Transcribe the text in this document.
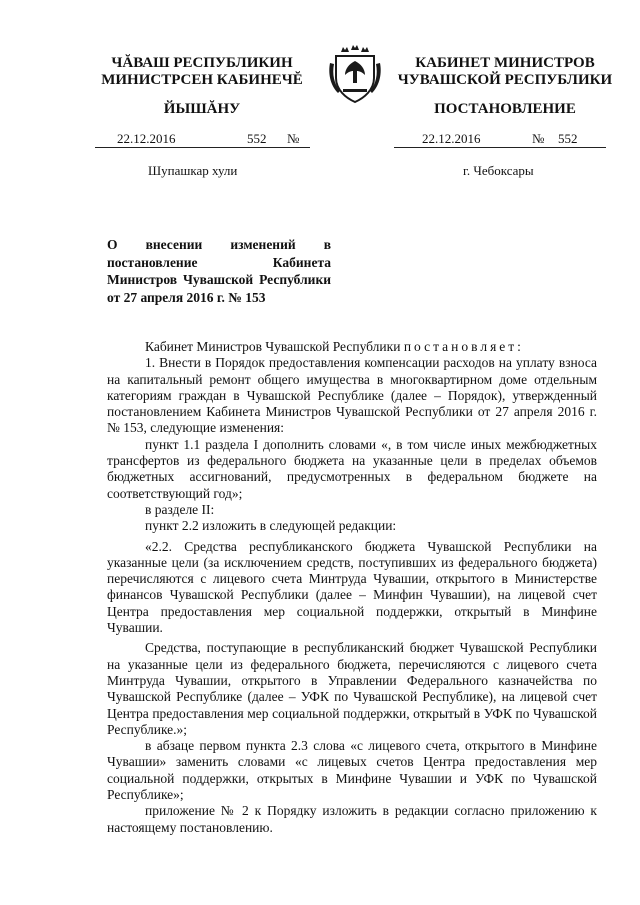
ЧĂВАШ РЕСПУБЛИКИН
МИНИСТРСЕН КАБИНЕЧĔ
ЙЫШĂНУ
КАБИНЕТ МИНИСТРОВ
ЧУВАШСКОЙ РЕСПУБЛИКИ
ПОСТАНОВЛЕНИЕ
22.12.2016	552 №	22.12.2016	№ 552
Шупашкар хули	г. Чебоксары
О внесении изменений в постановление Кабинета Министров Чувашской Республики от 27 апреля 2016 г. № 153

Кабинет Министров Чувашской Республики постановляет:

1. Внести в Порядок предоставления компенсации расходов на уплату взноса на капитальный ремонт общего имущества в многоквартирном доме отдельным категориям граждан в Чувашской Республике (далее – Порядок), утвержденный постановлением Кабинета Министров Чувашской Республики от 27 апреля 2016 г. № 153, следующие изменения:

пункт 1.1 раздела I дополнить словами «, в том числе иных межбюджетных трансфертов из федерального бюджета на указанные цели в пределах объемов бюджетных ассигнований, предусмотренных в федеральном бюджете на соответствующий год»;

в разделе II:

пункт 2.2 изложить в следующей редакции:

«2.2. Средства республиканского бюджета Чувашской Республики на указанные цели (за исключением средств, поступивших из федерального бюджета) перечисляются с лицевого счета Минтруда Чувашии, открытого в Министерстве финансов Чувашской Республики (далее – Минфин Чувашии), на лицевой счет Центра предоставления мер социальной поддержки, открытый в Минфине Чувашии.

Средства, поступающие в республиканский бюджет Чувашской Республики на указанные цели из федерального бюджета, перечисляются с лицевого счета Минтруда Чувашии, открытого в Управлении Федерального казначейства по Чувашской Республике (далее – УФК по Чувашской Республике), на лицевой счет Центра предоставления мер социальной поддержки, открытый в УФК по Чувашской Республике.»;

в абзаце первом пункта 2.3 слова «с лицевого счета, открытого в Минфине Чувашии» заменить словами «с лицевых счетов Центра предоставления мер социальной поддержки, открытых в Минфине Чувашии и УФК по Чувашской Республике»;

приложение № 2 к Порядку изложить в редакции согласно приложению к настоящему постановлению.
